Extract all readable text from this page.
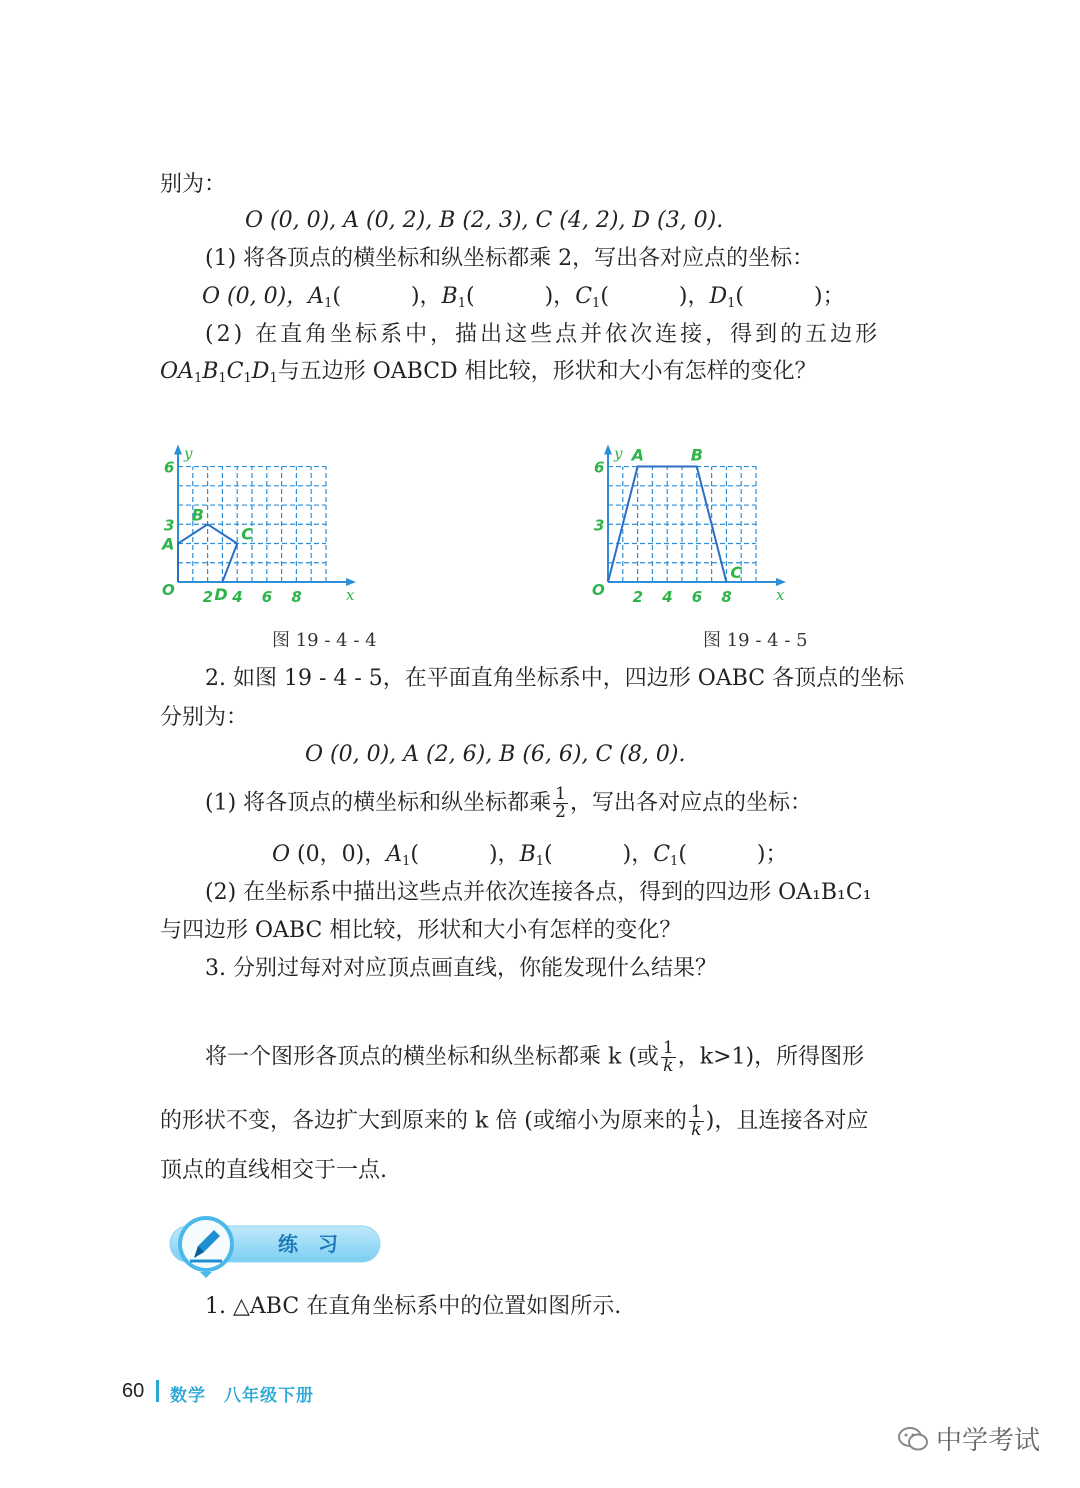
别为：
O (0, 0), A (0, 2), B (2, 3), C (4, 2), D (3, 0).
(1) 将各顶点的横坐标和纵坐标都乘 2，写出各对应点的坐标：
O (0, 0)，$A_1$(	)，$B_1$(	)，$C_1$(	)，$D_1$(	)；
(2) 在直角坐标系中，描出这些点并依次连接，得到的五边形
$OA_1B_1C_1D_1$与五边形 OABCD 相比较，形状和大小有怎样的变化？
2 4 6 8
3
6
O	x
y
A
B
C
D
图 19 - 4 - 4
2 4 6 8
3
6
O	x
y A	B
C
图 19 - 4 - 5
2. 如图 19 - 4 - 5，在平面直角坐标系中，四边形 OABC 各顶点的坐标
分别为：
O (0, 0), A (2, 6), B (6, 6), C (8, 0).
(1) 将各顶点的横坐标和纵坐标都乘 $\frac{1}{2}$ ，写出各对应点的坐标：
O (0，0)，$A_1$(	)，$B_1$(	)，$C_1$(	)；
(2) 在坐标系中描出这些点并依次连接各点，得到的四边形 OA₁B₁C₁
与四边形 OABC 相比较，形状和大小有怎样的变化？
3. 分别过每对对应顶点画直线，你能发现什么结果？
将一个图形各顶点的横坐标和纵坐标都乘 k (或 $\frac{1}{k}$ ，k>1)，所得图形
的形状不变，各边扩大到原来的 k 倍 (或缩小为原来的 $\frac{1}{k}$ )，且连接各对应
顶点的直线相交于一点.
练　习
1. △ABC 在直角坐标系中的位置如图所示.
60 数学　八年级下册
中学考试
